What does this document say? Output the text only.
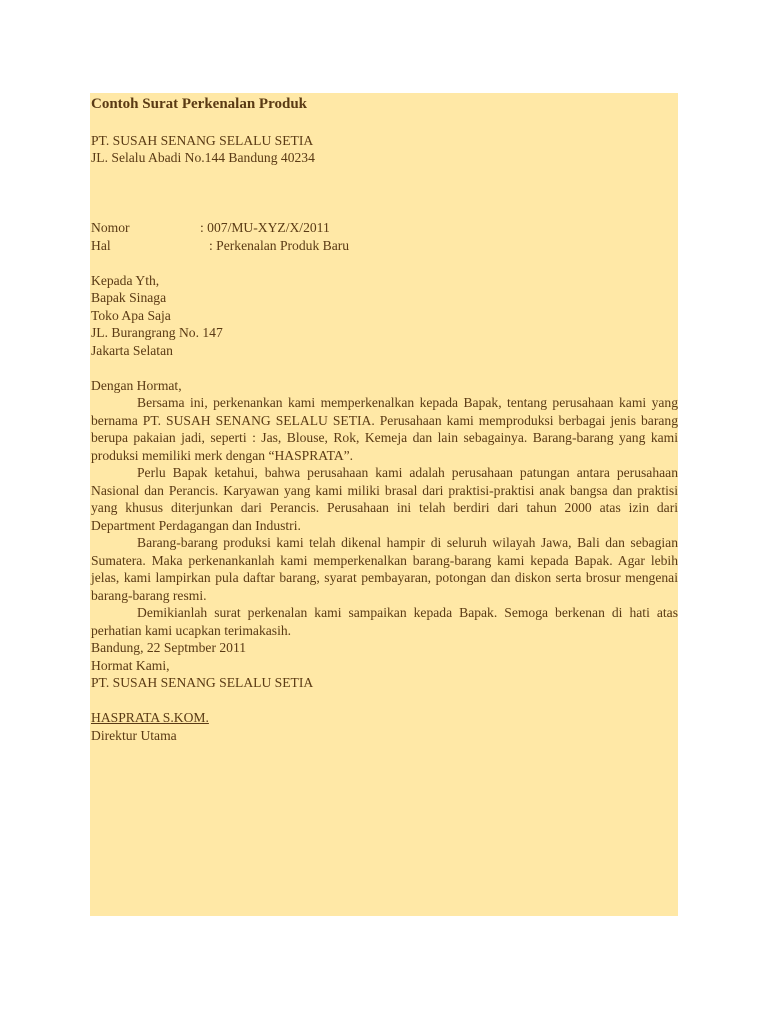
Contoh Surat Perkenalan Produk
PT. SUSAH SENANG SELALU SETIA
JL. Selalu Abadi No.144 Bandung 40234
Nomor	: 007/MU-XYZ/X/2011
Hal	: Perkenalan Produk Baru
Kepada Yth,
Bapak Sinaga
Toko Apa Saja
JL. Burangrang No. 147
Jakarta Selatan
Dengan Hormat,
Bersama ini, perkenankan kami memperkenalkan kepada Bapak, tentang perusahaan kami yang bernama PT. SUSAH SENANG SELALU SETIA. Perusahaan kami memproduksi berbagai jenis barang berupa pakaian jadi, seperti : Jas, Blouse, Rok, Kemeja dan lain sebagainya. Barang-barang yang kami produksi memiliki merk dengan “HASPRATA”.
Perlu Bapak ketahui, bahwa perusahaan kami adalah perusahaan patungan antara perusahaan Nasional dan Perancis. Karyawan yang kami miliki brasal dari praktisi-praktisi anak bangsa dan praktisi yang khusus diterjunkan dari Perancis. Perusahaan ini telah berdiri dari tahun 2000 atas izin dari Department Perdagangan dan Industri.
Barang-barang produksi kami telah dikenal hampir di seluruh wilayah Jawa, Bali dan sebagian Sumatera. Maka perkenankanlah kami memperkenalkan barang-barang kami kepada Bapak. Agar lebih jelas, kami lampirkan pula daftar barang, syarat pembayaran, potongan dan diskon serta brosur mengenai barang-barang resmi.
Demikianlah surat perkenalan kami sampaikan kepada Bapak. Semoga berkenan di hati atas perhatian kami ucapkan terimakasih.
Bandung, 22 Septmber 2011
Hormat Kami,
PT. SUSAH SENANG SELALU SETIA
HASPRATA S.KOM.
Direktur Utama
